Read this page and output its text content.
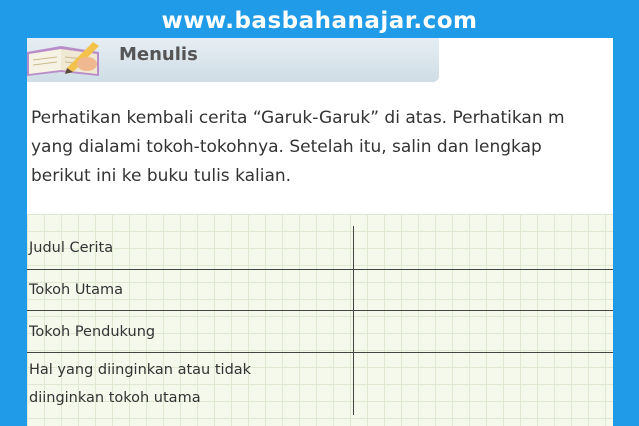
www.basbahanajar.com
Menulis
Perhatikan kembali cerita “Garuk-Garuk” di atas. Perhatikan m
yang dialami tokoh-tokohnya. Setelah itu, salin dan lengkap
berikut ini ke buku tulis kalian.
Judul Cerita	
Tokoh Utama	
Tokoh Pendukung	

Hal yang diinginkan atau tidak
diinginkan tokoh utama	
